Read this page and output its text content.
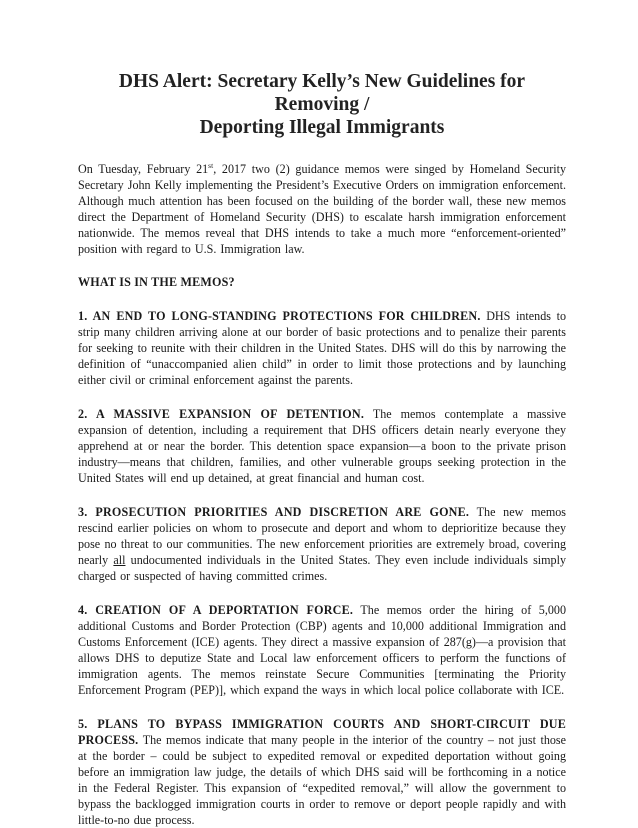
DHS Alert: Secretary Kelly’s New Guidelines for Removing /
Deporting Illegal Immigrants

On Tuesday, February 21st, 2017 two (2) guidance memos were singed by Homeland Security Secretary John Kelly implementing the President’s Executive Orders on immigration enforcement. Although much attention has been focused on the building of the border wall, these new memos direct the Department of Homeland Security (DHS) to escalate harsh immigration enforcement nationwide. The memos reveal that DHS intends to take a much more “enforcement-oriented” position with regard to U.S. Immigration law.

WHAT IS IN THE MEMOS?

1. AN END TO LONG-STANDING PROTECTIONS FOR CHILDREN. DHS intends to strip many children arriving alone at our border of basic protections and to penalize their parents for seeking to reunite with their children in the United States. DHS will do this by narrowing the definition of “unaccompanied alien child” in order to limit those protections and by launching either civil or criminal enforcement against the parents.

2. A MASSIVE EXPANSION OF DETENTION. The memos contemplate a massive expansion of detention, including a requirement that DHS officers detain nearly everyone they apprehend at or near the border. This detention space expansion—a boon to the private prison industry—means that children, families, and other vulnerable groups seeking protection in the United States will end up detained, at great financial and human cost.

3. PROSECUTION PRIORITIES AND DISCRETION ARE GONE. The new memos rescind earlier policies on whom to prosecute and deport and whom to deprioritize because they pose no threat to our communities. The new enforcement priorities are extremely broad, covering nearly all undocumented individuals in the United States. They even include individuals simply charged or suspected of having committed crimes.

4. CREATION OF A DEPORTATION FORCE. The memos order the hiring of 5,000 additional Customs and Border Protection (CBP) agents and 10,000 additional Immigration and Customs Enforcement (ICE) agents. They direct a massive expansion of 287(g)—a provision that allows DHS to deputize State and Local law enforcement officers to perform the functions of immigration agents. The memos reinstate Secure Communities [terminating the Priority Enforcement Program (PEP)], which expand the ways in which local police collaborate with ICE.

5. PLANS TO BYPASS IMMIGRATION COURTS AND SHORT-CIRCUIT DUE PROCESS. The memos indicate that many people in the interior of the country – not just those at the border – could be subject to expedited removal or expedited deportation without going before an immigration law judge, the details of which DHS said will be forthcoming in a notice in the Federal Register. This expansion of “expedited removal,” will allow the government to bypass the backlogged immigration courts in order to remove or deport people rapidly and with little-to-no due process.
